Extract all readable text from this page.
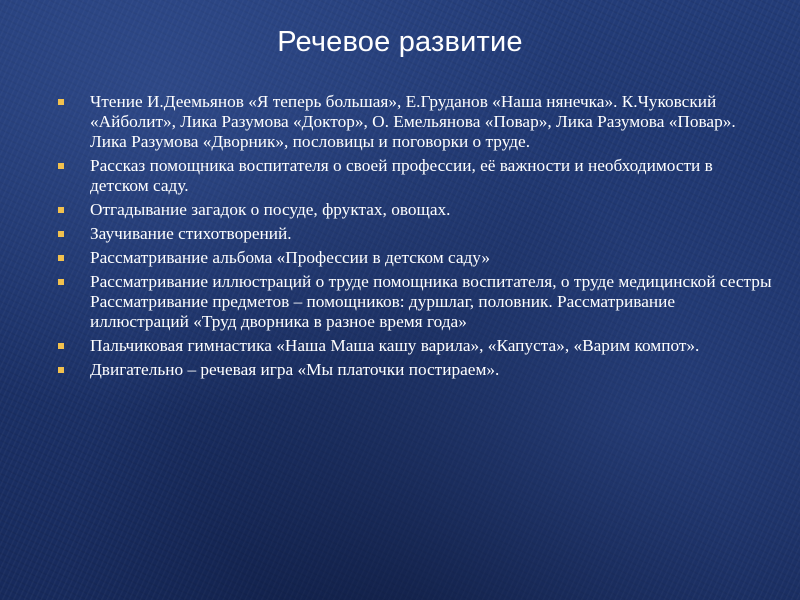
Речевое развитие
Чтение И.Деемьянов «Я теперь большая», Е.Груданов «Наша нянечка». К.Чуковский «Айболит», Лика Разумова «Доктор», О. Емельянова «Повар», Лика Разумова «Повар». Лика Разумова «Дворник», пословицы и поговорки о труде.
Рассказ помощника воспитателя о своей профессии, её важности и необходимости в детском саду.
Отгадывание загадок о посуде, фруктах, овощах.
Заучивание стихотворений.
Рассматривание альбома «Профессии в детском саду»
Рассматривание иллюстраций о труде помощника воспитателя, о труде медицинской сестры Рассматривание предметов – помощников: дуршлаг, половник. Рассматривание иллюстраций «Труд дворника в разное время года»
Пальчиковая гимнастика «Наша Маша кашу варила», «Капуста», «Варим компот».
Двигательно – речевая игра «Мы платочки постираем».
